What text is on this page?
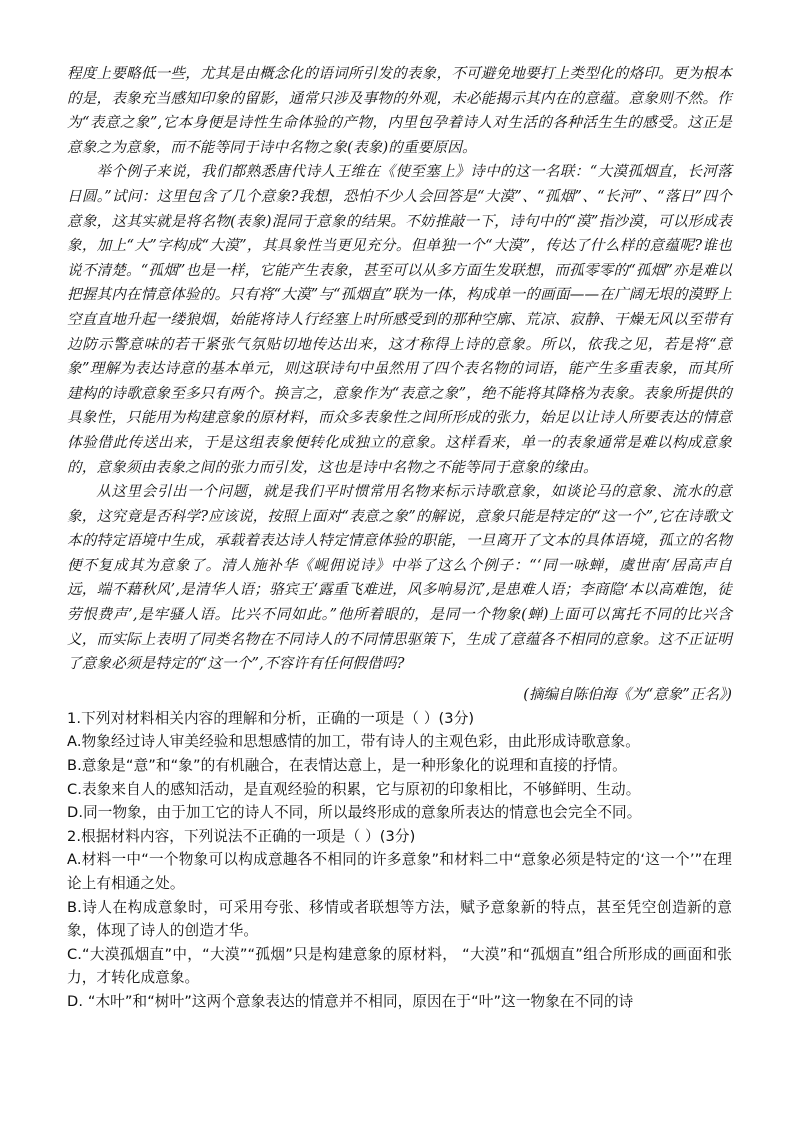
程度上要略低一些，尤其是由概念化的语词所引发的表象，不可避免地要打上类型化的烙印。更为根本的是，表象充当感知印象的留影，通常只涉及事物的外观，未必能揭示其内在的意蕴。意象则不然。作为“表意之象”,它本身便是诗性生命体验的产物，内里包孕着诗人对生活的各种活生生的感受。这正是意象之为意象，而不能等同于诗中名物之象(表象)的重要原因。

举个例子来说，我们都熟悉唐代诗人王维在《使至塞上》诗中的这一名联：“大漠孤烟直，长河落日圆。”试问：这里包含了几个意象?我想，恐怕不少人会回答是“大漠”、“孤烟”、“长河”、“落日”四个意象，这其实就是将名物(表象)混同于意象的结果。不妨推敲一下，诗句中的“漠”指沙漠，可以形成表象，加上“大”字构成“大漠”，其具象性当更见充分。但单独一个“大漠”，传达了什么样的意蕴呢?谁也说不清楚。“孤烟”也是一样，它能产生表象，甚至可以从多方面生发联想，而孤零零的“孤烟”亦是难以把握其内在情意体验的。只有将“大漠”与“孤烟直”联为一体，构成单一的画面——在广阔无垠的漠野上空直直地升起一缕狼烟，始能将诗人行经塞上时所感受到的那种空廓、荒凉、寂静、干燥无风以至带有边防示警意味的若干紧张气氛贴切地传达出来，这才称得上诗的意象。所以，依我之见，若是将“意象”理解为表达诗意的基本单元，则这联诗句中虽然用了四个表名物的词语，能产生多重表象，而其所建构的诗歌意象至多只有两个。换言之，意象作为“表意之象”，绝不能将其降格为表象。表象所提供的具象性，只能用为构建意象的原材料，而众多表象性之间所形成的张力，始足以让诗人所要表达的情意体验借此传送出来，于是这组表象便转化成独立的意象。这样看来，单一的表象通常是难以构成意象的，意象须由表象之间的张力而引发，这也是诗中名物之不能等同于意象的缘由。

从这里会引出一个问题，就是我们平时惯常用名物来标示诗歌意象，如谈论马的意象、流水的意象，这究竟是否科学?应该说，按照上面对“表意之象”的解说，意象只能是特定的“这一个”,它在诗歌文本的特定语境中生成，承载着表达诗人特定情意体验的职能，一旦离开了文本的具体语境，孤立的名物便不复成其为意象了。清人施补华《岘佣说诗》中举了这么个例子：“‘同一咏蝉，虞世南‘居高声自远，端不藉秋风’,是清华人语；骆宾王‘露重飞难进，风多响易沉’,是患难人语；李商隐‘本以高难饱，徒劳恨费声’,是牢骚人语。比兴不同如此。”他所着眼的，是同一个物象(蝉)上面可以寓托不同的比兴含义，而实际上表明了同类名物在不同诗人的不同情思驱策下，生成了意蕴各不相同的意象。这不正证明了意象必须是特定的“这一个”,不容许有任何假借吗?

(摘编自陈伯海《为“意象”正名》)

1.下列对材料相关内容的理解和分析，正确的一项是（ ）(3分)

A.物象经过诗人审美经验和思想感情的加工，带有诗人的主观色彩，由此形成诗歌意象。

B.意象是“意”和“象”的有机融合，在表情达意上，是一种形象化的说理和直接的抒情。

C.表象来自人的感知活动，是直观经验的积累，它与原初的印象相比，不够鲜明、生动。

D.同一物象，由于加工它的诗人不同，所以最终形成的意象所表达的情意也会完全不同。

2.根据材料内容，下列说法不正确的一项是（ ）(3分)

A.材料一中“一个物象可以构成意趣各不相同的许多意象”和材料二中“意象必须是特定的‘这一个’”在理论上有相通之处。

B.诗人在构成意象时，可采用夸张、移情或者联想等方法，赋予意象新的特点，甚至凭空创造新的意象，体现了诗人的创造才华。

C.“大漠孤烟直”中，“大漠”“孤烟”只是构建意象的原材料， “大漠”和“孤烟直”组合所形成的画面和张力，才转化成意象。

D. “木叶”和“树叶”这两个意象表达的情意并不相同，原因在于“叶”这一物象在不同的诗
